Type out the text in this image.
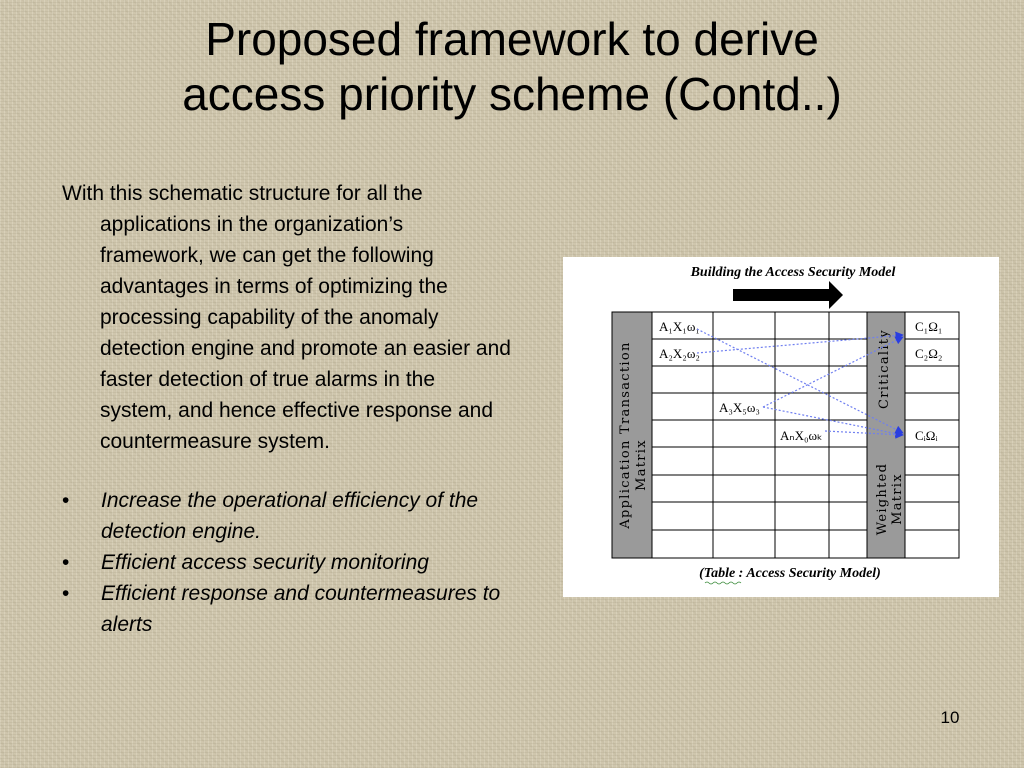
Proposed framework to derive
access priority scheme (Contd..)

With this schematic structure for all the applications in the organization’s framework, we can get the following advantages in terms of optimizing the processing capability of the anomaly detection engine and promote an easier and faster detection of true alarms in the system, and hence effective response and countermeasure system.

• Increase the operational efficiency of the detection engine.
• Efficient access security monitoring
• Efficient response and countermeasures to alerts
Building the Access Security Model
Application Transaction Matrix
Criticality
Weighted Matrix
A₁X₁ω₁
A₂X₂ω₂
A₃X₅ω₃
AₙX₀ωₖ
C₁Ω₁
C₂Ω₂
CᵢΩᵢ
(Table : Access Security Model)
10
